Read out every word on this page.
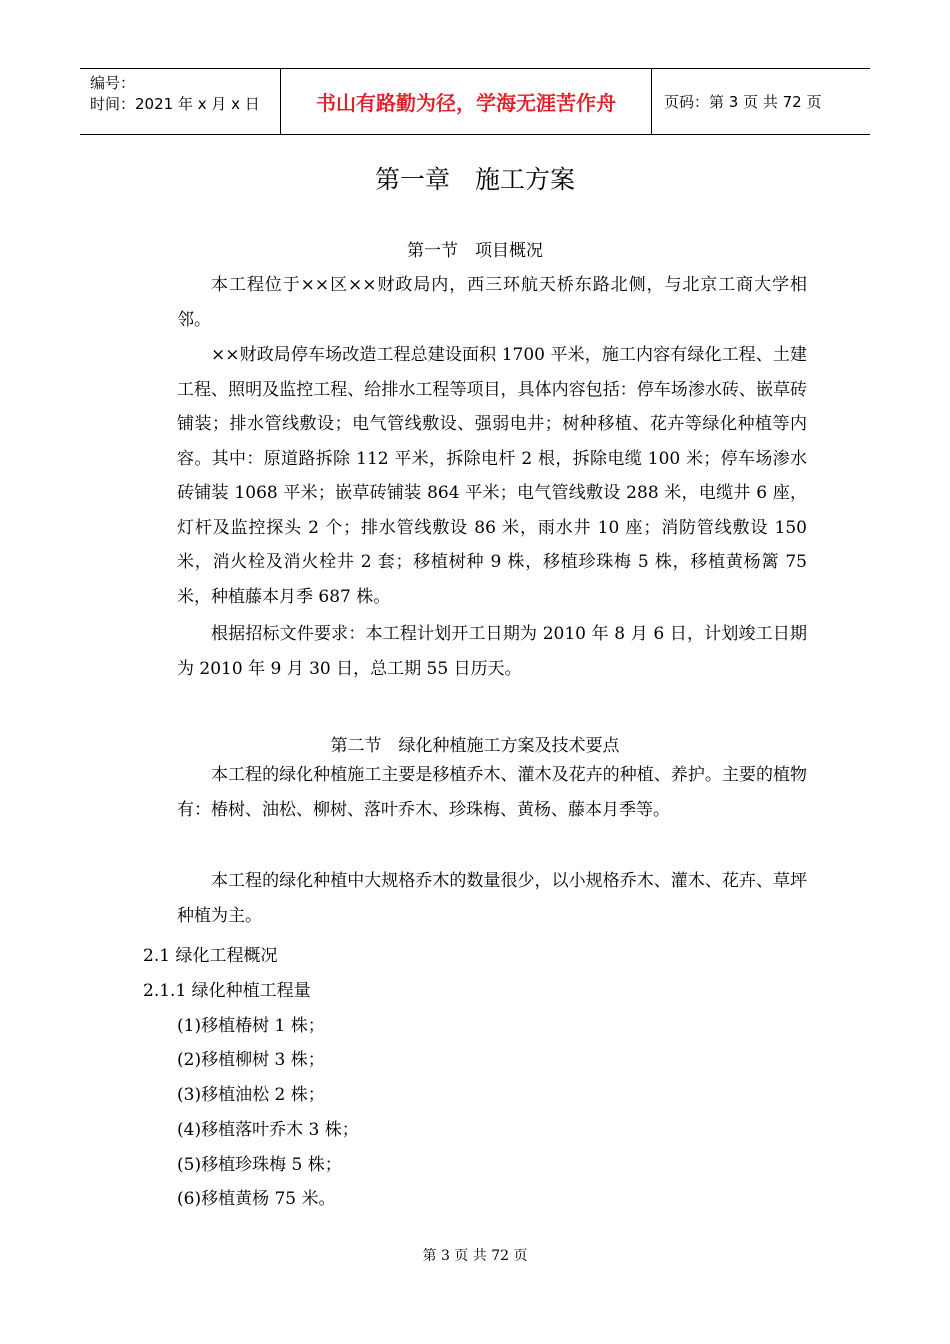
编号：
时间：2021 年 x 月 x 日	书山有路勤为径，学海无涯苦作舟	页码：第 3 页 共 72 页
第一章　施工方案
第一节　项目概况

本工程位于××区××财政局内，西三环航天桥东路北侧，与北京工商大学相邻。

××财政局停车场改造工程总建设面积 1700 平米，施工内容有绿化工程、土建工程、照明及监控工程、给排水工程等项目，具体内容包括：停车场渗水砖、嵌草砖铺装；排水管线敷设；电气管线敷设、强弱电井；树种移植、花卉等绿化种植等内容。其中：原道路拆除 112 平米，拆除电杆 2 根，拆除电缆 100 米；停车场渗水砖铺装 1068 平米；嵌草砖铺装 864 平米；电气管线敷设 288 米，电缆井 6 座，灯杆及监控探头 2 个；排水管线敷设 86 米，雨水井 10 座；消防管线敷设 150 米，消火栓及消火栓井 2 套；移植树种 9 株，移植珍珠梅 5 株，移植黄杨篱 75 米，种植藤本月季 687 株。

根据招标文件要求：本工程计划开工日期为 2010 年 8 月 6 日，计划竣工日期为 2010 年 9 月 30 日，总工期 55 日历天。

第二节　绿化种植施工方案及技术要点

本工程的绿化种植施工主要是移植乔木、灌木及花卉的种植、养护。主要的植物有：椿树、油松、柳树、落叶乔木、珍珠梅、黄杨、藤本月季等。

本工程的绿化种植中大规格乔木的数量很少，以小规格乔木、灌木、花卉、草坪种植为主。

2.1 绿化工程概况
2.1.1 绿化种植工程量
(1)移植椿树 1 株；
(2)移植柳树 3 株；
(3)移植油松 2 株；
(4)移植落叶乔木 3 株；
(5)移植珍珠梅 5 株；
(6)移植黄杨 75 米。
第 3 页 共 72 页
